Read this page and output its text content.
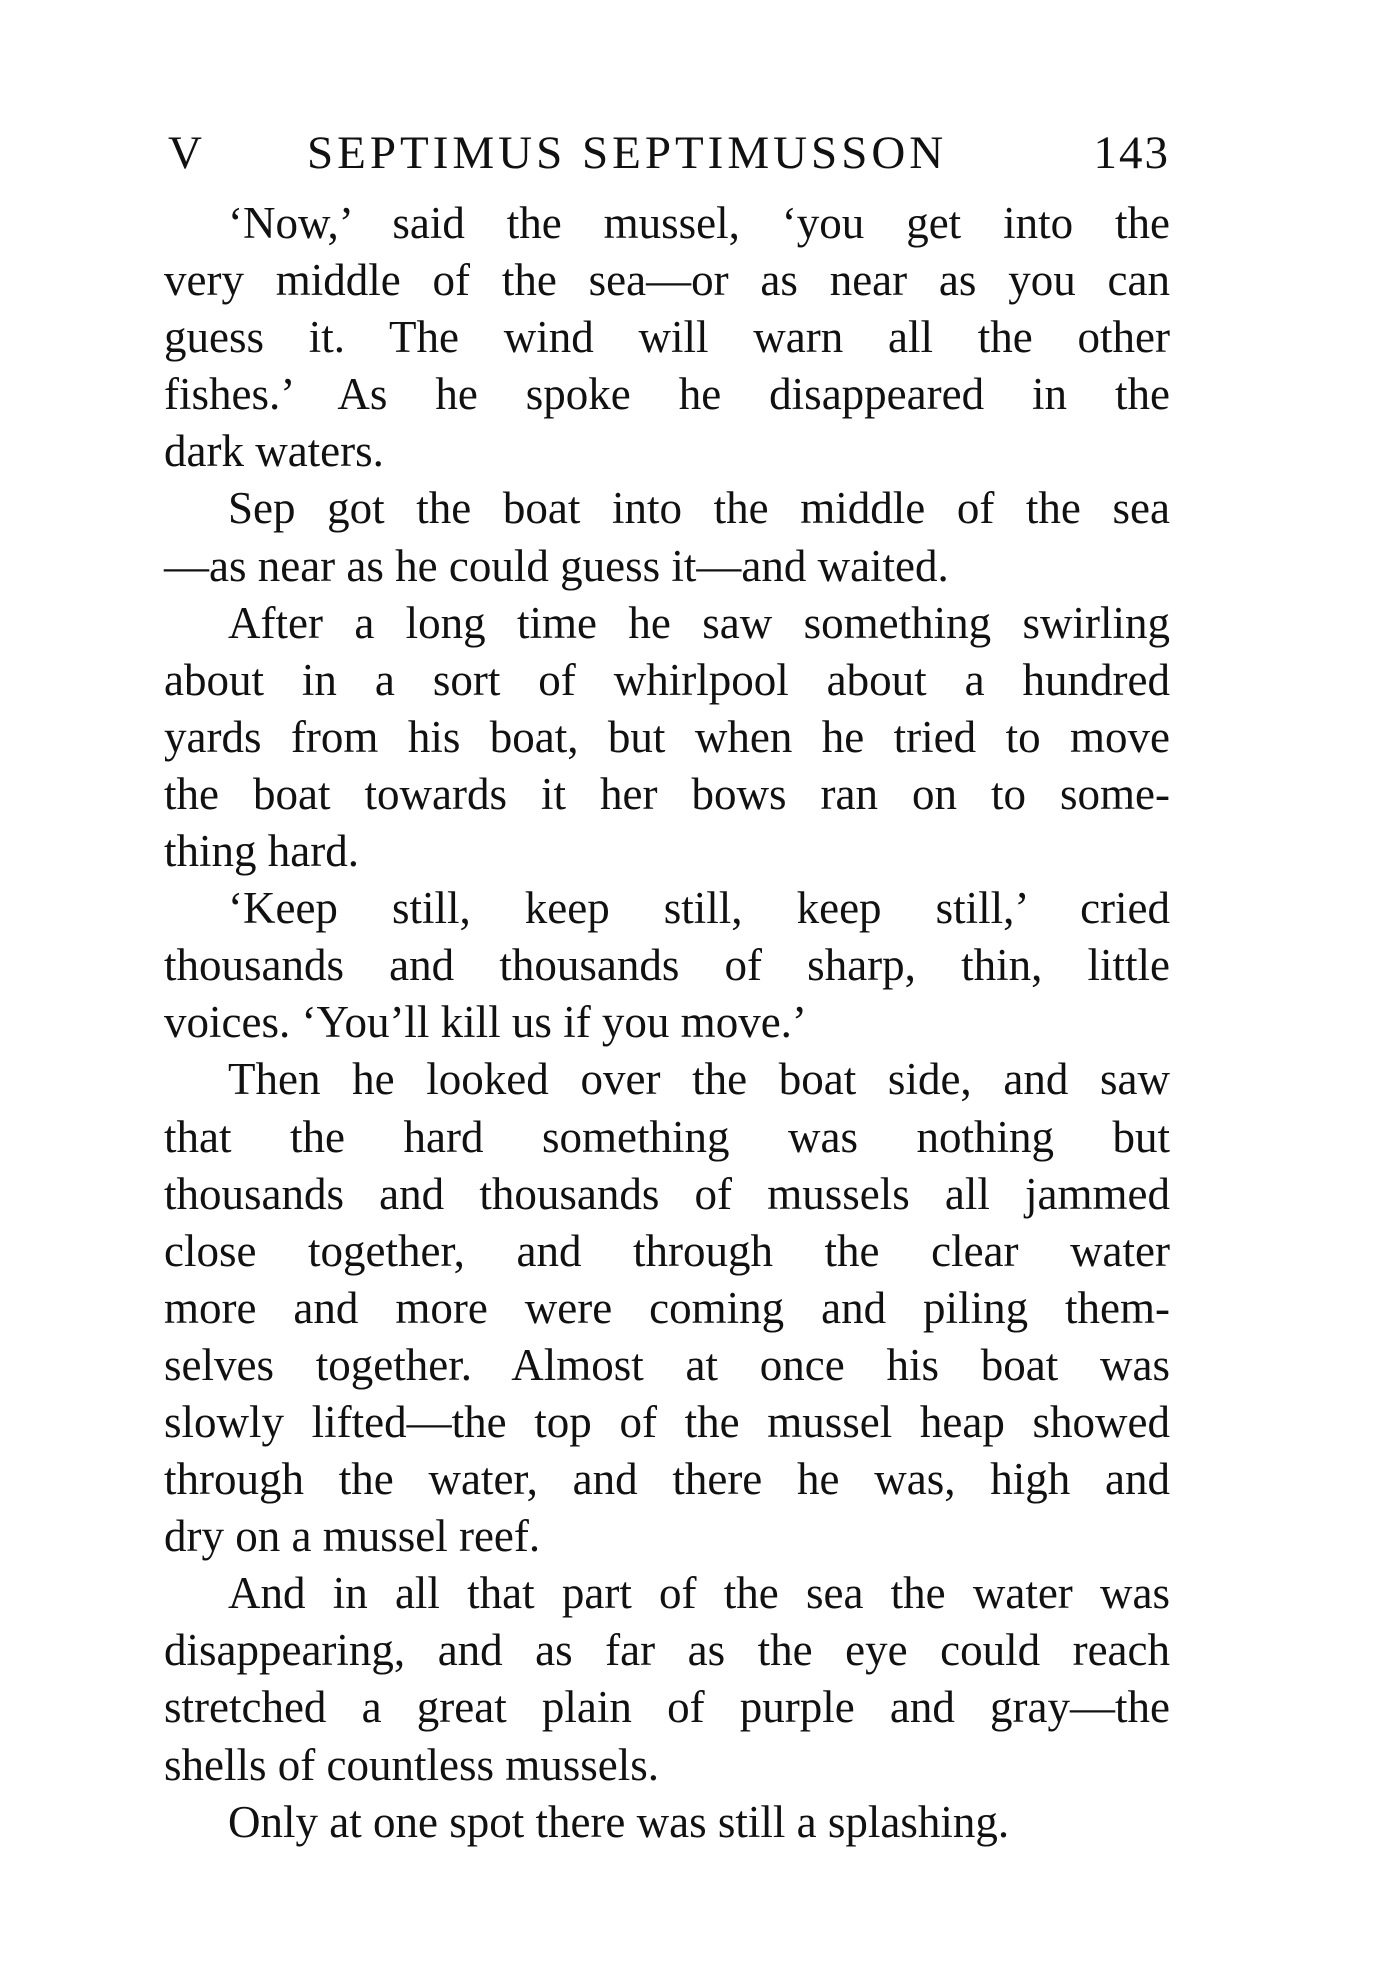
V SEPTIMUS SEPTIMUSSON	143

‘Now,’ said the mussel, ‘you get into the
very middle of the sea—or as near as you can
guess it. The wind will warn all the other
fishes.’ As he spoke he disappeared in the
dark waters.

Sep got the boat into the middle of the sea
—as near as he could guess it—and waited.

After a long time he saw something swirling
about in a sort of whirlpool about a hundred
yards from his boat, but when he tried to move
the boat towards it her bows ran on to some-
thing hard.

‘Keep still, keep still, keep still,’ cried
thousands and thousands of sharp, thin, little
voices. ‘You’ll kill us if you move.’

Then he looked over the boat side, and saw
that the hard something was nothing but
thousands and thousands of mussels all jammed
close together, and through the clear water
more and more were coming and piling them-
selves together. Almost at once his boat was
slowly lifted—the top of the mussel heap showed
through the water, and there he was, high and
dry on a mussel reef.

And in all that part of the sea the water was
disappearing, and as far as the eye could reach
stretched a great plain of purple and gray—the
shells of countless mussels.

Only at one spot there was still a splashing.
